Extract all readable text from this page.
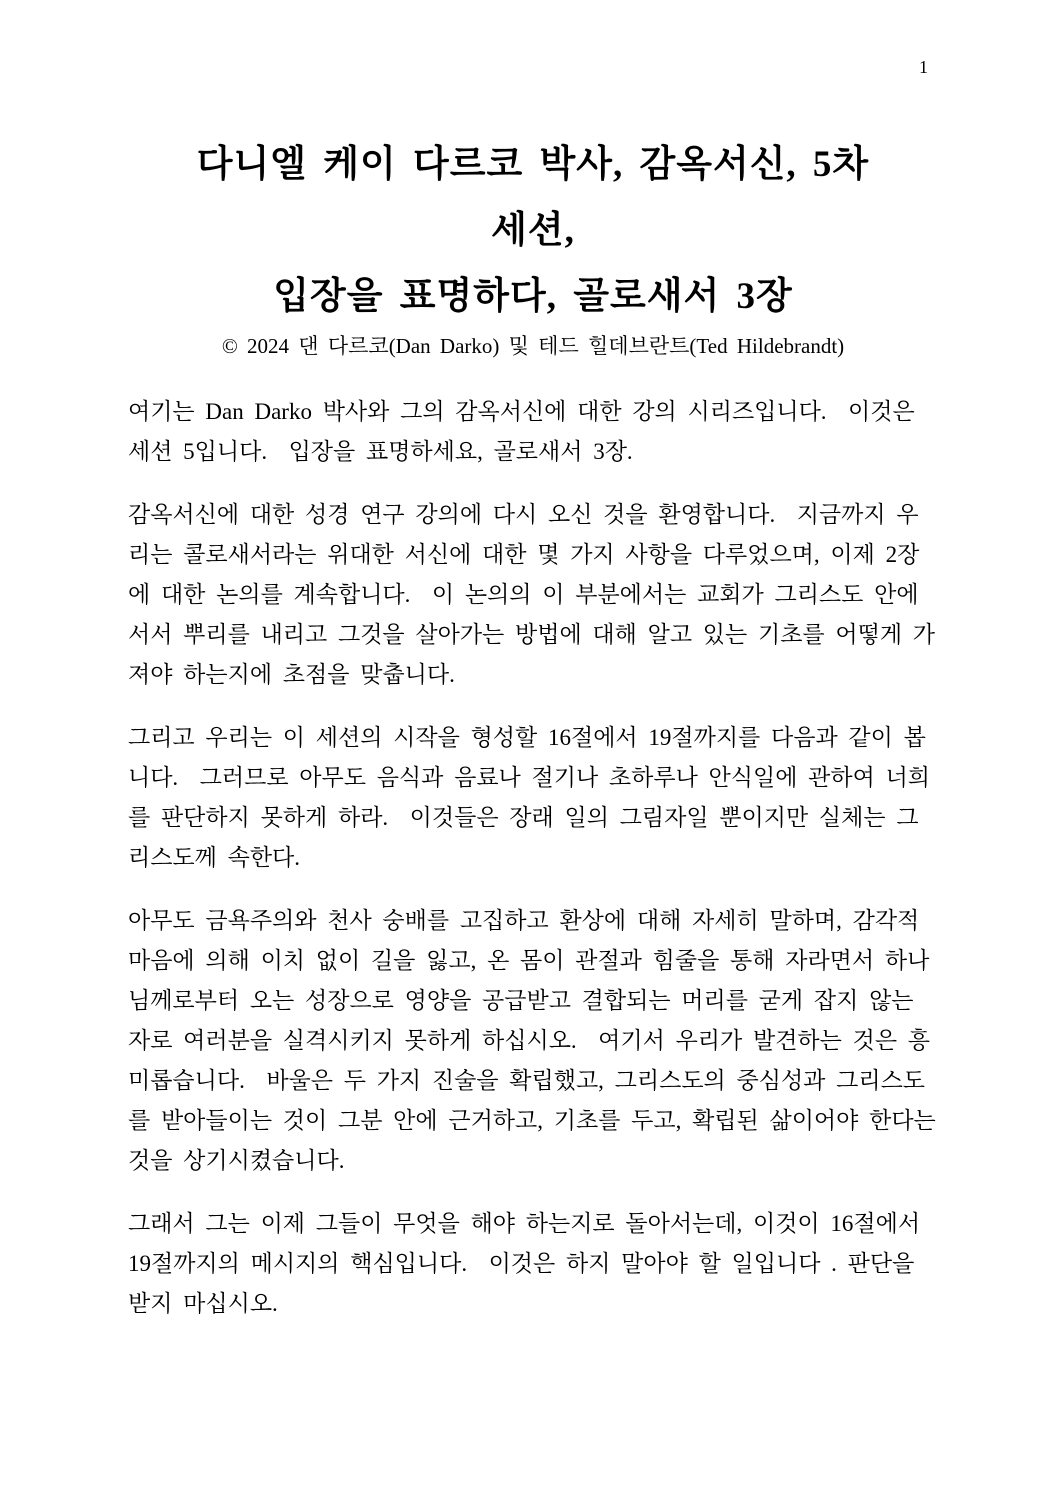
1
다니엘 케이 다르코 박사, 감옥서신, 5차
세션,
입장을 표명하다, 골로새서 3장
© 2024 댄 다르코(Dan Darko) 및 테드 힐데브란트(Ted Hildebrandt)

여기는 Dan Darko 박사와 그의 감옥서신에 대한 강의 시리즈입니다.  이것은 세션 5입니다.  입장을 표명하세요, 골로새서 3장.

감옥서신에 대한 성경 연구 강의에 다시 오신 것을 환영합니다.  지금까지 우리는 콜로새서라는 위대한 서신에 대한 몇 가지 사항을 다루었으며, 이제 2장에 대한 논의를 계속합니다.  이 논의의 이 부분에서는 교회가 그리스도 안에 서서 뿌리를 내리고 그것을 살아가는 방법에 대해 알고 있는 기초를 어떻게 가져야 하는지에 초점을 맞춥니다.

그리고 우리는 이 세션의 시작을 형성할 16절에서 19절까지를 다음과 같이 봅니다.  그러므로 아무도 음식과 음료나 절기나 초하루나 안식일에 관하여 너희를 판단하지 못하게 하라.  이것들은 장래 일의 그림자일 뿐이지만 실체는 그리스도께 속한다.

아무도 금욕주의와 천사 숭배를 고집하고 환상에 대해 자세히 말하며, 감각적 마음에 의해 이치 없이 길을 잃고, 온 몸이 관절과 힘줄을 통해 자라면서 하나님께로부터 오는 성장으로 영양을 공급받고 결합되는 머리를 굳게 잡지 않는 자로 여러분을 실격시키지 못하게 하십시오.  여기서 우리가 발견하는 것은 흥미롭습니다.  바울은 두 가지 진술을 확립했고, 그리스도의 중심성과 그리스도를 받아들이는 것이 그분 안에 근거하고, 기초를 두고, 확립된 삶이어야 한다는 것을 상기시켰습니다.

그래서 그는 이제 그들이 무엇을 해야 하는지로 돌아서는데, 이것이 16절에서 19절까지의 메시지의 핵심입니다.  이것은 하지 말아야 할 일입니다 . 판단을 받지 마십시오.
